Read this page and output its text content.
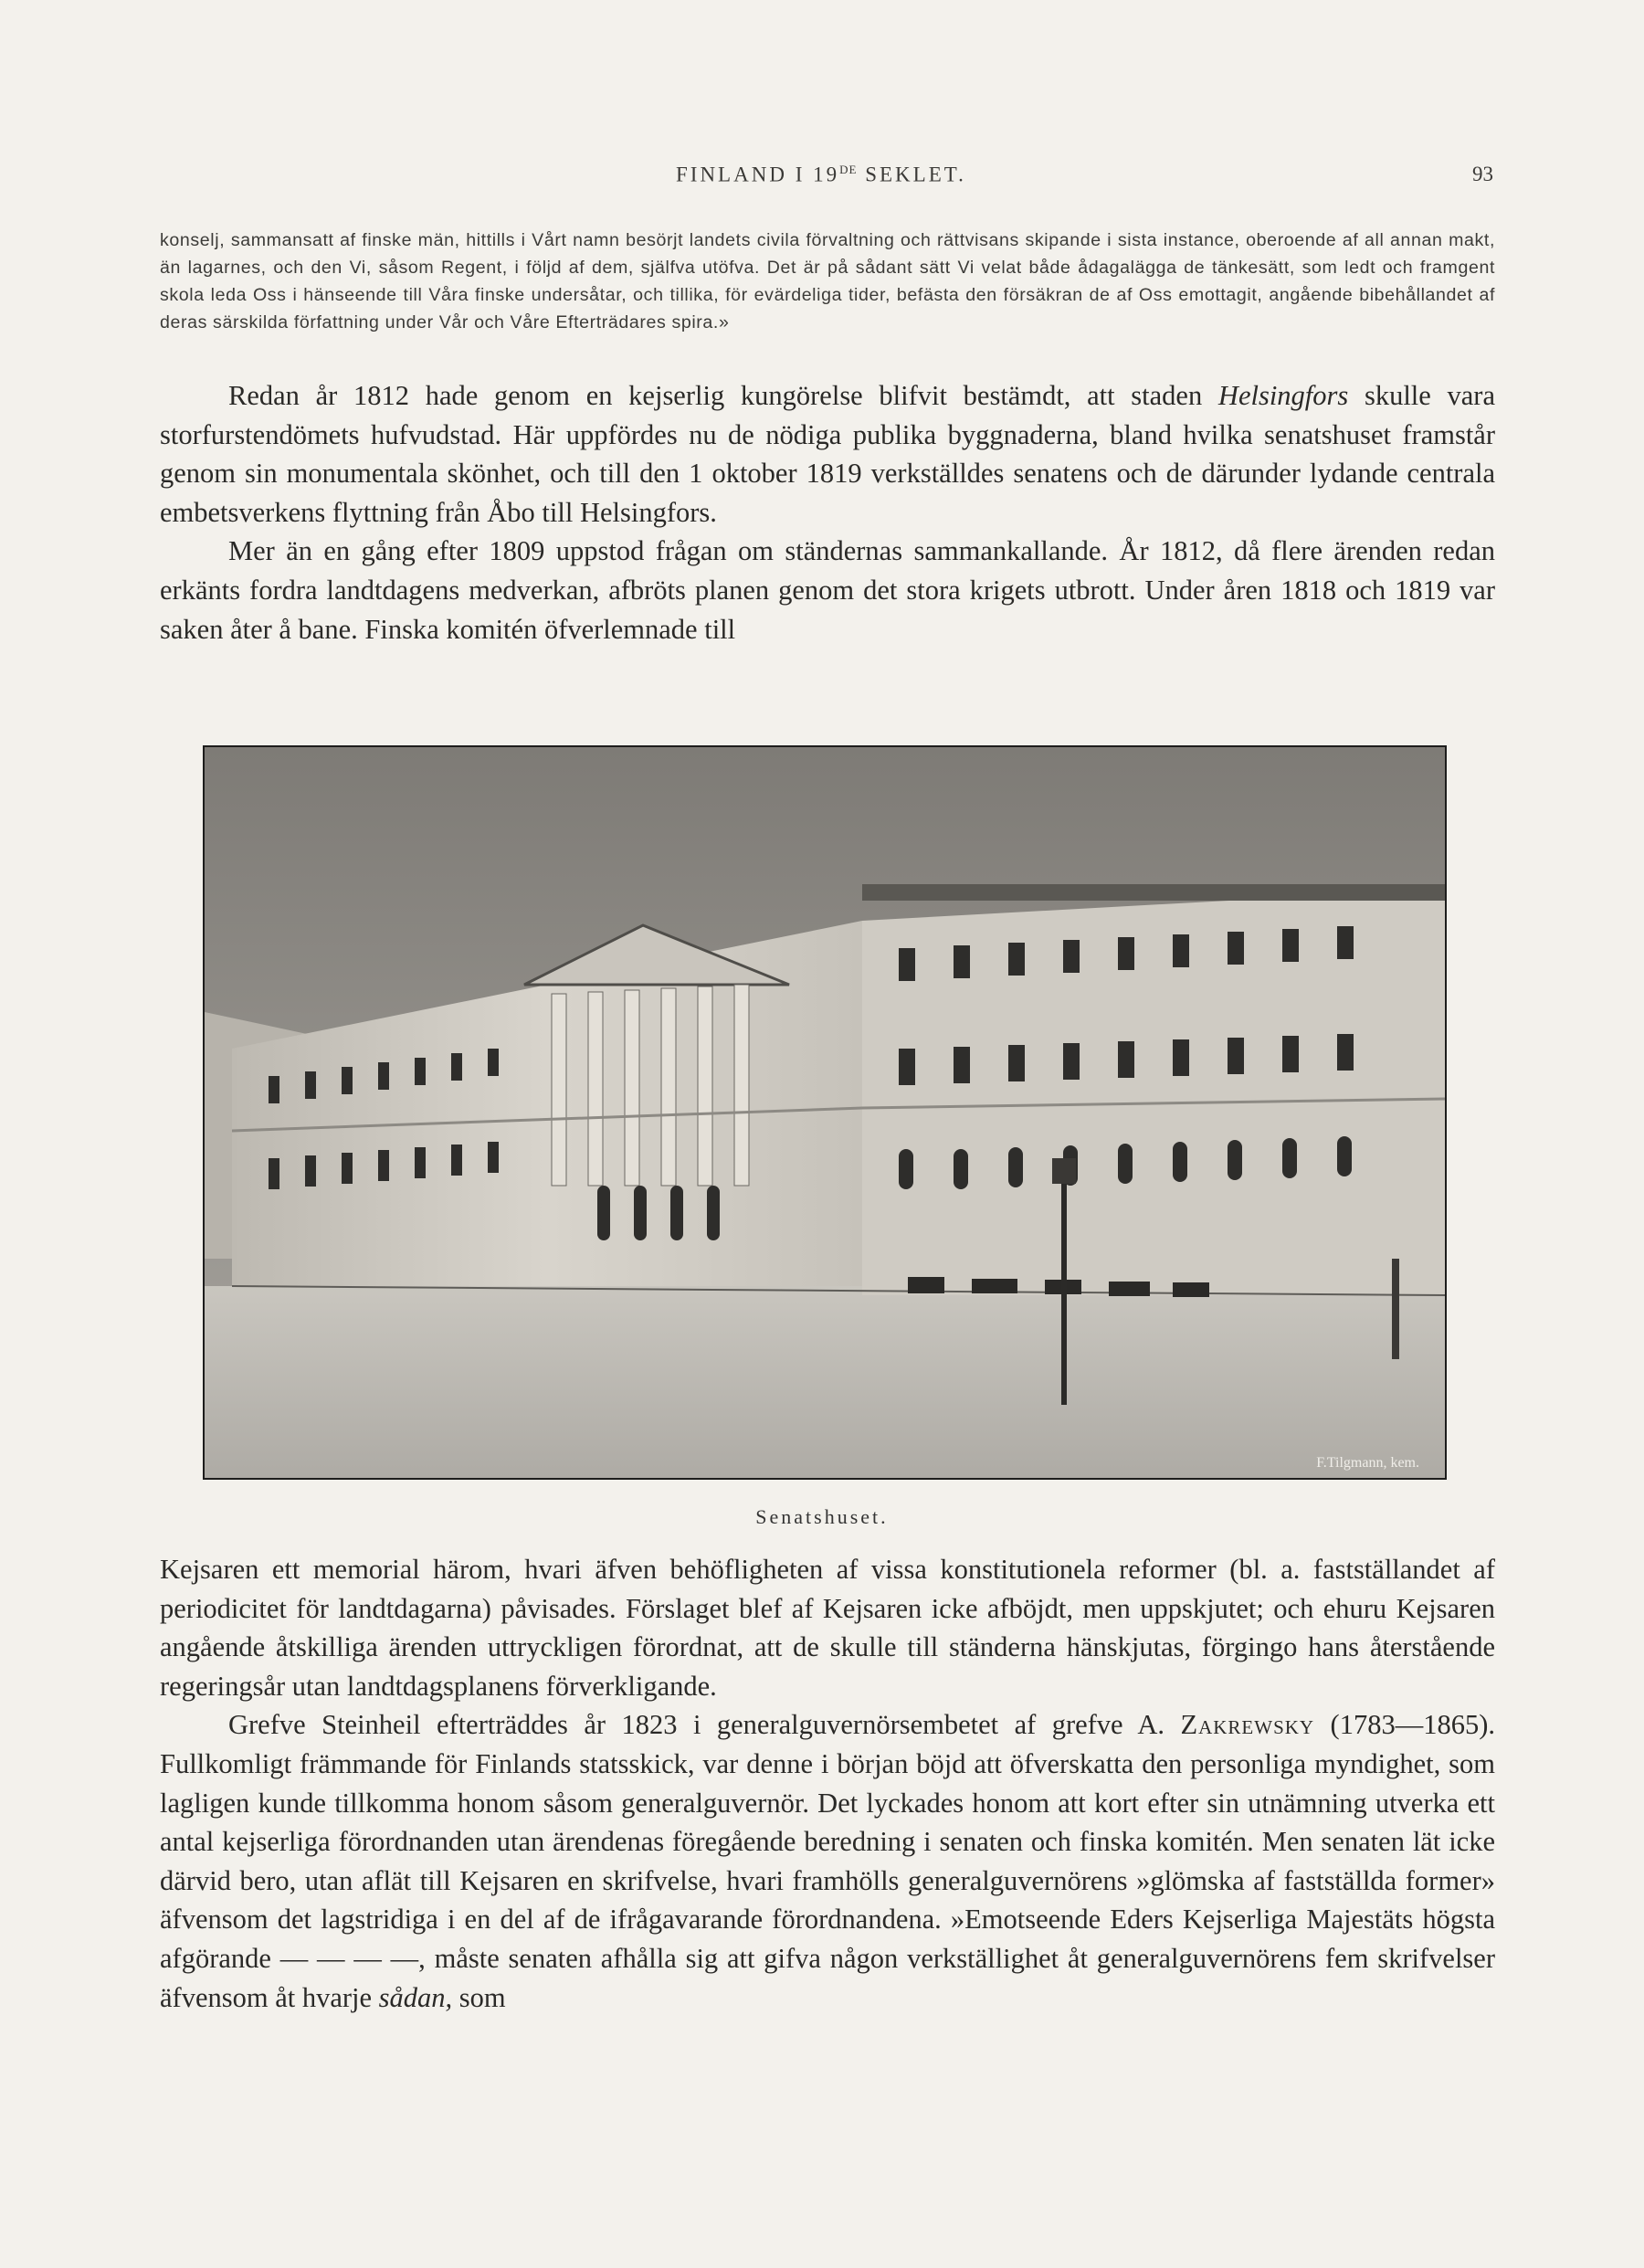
FINLAND I 19DE SEKLET.	93
konselj, sammansatt af finske män, hittills i Vårt namn besörjt landets civila förvaltning och rättvisans skipande i sista instance, oberoende af all annan makt, än lagarnes, och den Vi, såsom Regent, i följd af dem, själfva utöfva. Det är på sådant sätt Vi velat både ådagalägga de tänkesätt, som ledt och framgent skola leda Oss i hänseende till Våra finske undersåtar, och tillika, för evärdeliga tider, befästa den försäkran de af Oss emottagit, angående bibehållandet af deras särskilda författning under Vår och Våre Efterträdares spira.»

Redan år 1812 hade genom en kejserlig kungörelse blifvit bestämdt, att staden Helsingfors skulle vara storfurstendömets hufvudstad. Här uppfördes nu de nödiga publika byggnaderna, bland hvilka senatshuset framstår genom sin monumentala skönhet, och till den 1 oktober 1819 verkställdes senatens och de därunder lydande centrala embetsverkens flyttning från Åbo till Helsingfors.

Mer än en gång efter 1809 uppstod frågan om ständernas sammankallande. År 1812, då flere ärenden redan erkänts fordra landtdagens medverkan, afbröts planen genom det stora krigets utbrott. Under åren 1818 och 1819 var saken åter å bane. Finska komitén öfverlemnade till

F.Tilgmann, kem.
Senatshuset.

Kejsaren ett memorial härom, hvari äfven behöfligheten af vissa konstitutionela reformer (bl. a. fastställandet af periodicitet för landtdagarna) påvisades. Förslaget blef af Kejsaren icke afböjdt, men uppskjutet; och ehuru Kejsaren angående åtskilliga ärenden uttryckligen förordnat, att de skulle till ständerna hänskjutas, förgingo hans återstående regeringsår utan landtdagsplanens förverkligande.

Grefve Steinheil efterträddes år 1823 i generalguvernörsembetet af grefve A. Zakrewsky (1783—1865). Fullkomligt främmande för Finlands statsskick, var denne i början böjd att öfverskatta den personliga myndighet, som lagligen kunde tillkomma honom såsom generalguvernör. Det lyckades honom att kort efter sin utnämning utverka ett antal kejserliga förordnanden utan ärendenas föregående beredning i senaten och finska komitén. Men senaten lät icke därvid bero, utan aflät till Kejsaren en skrifvelse, hvari framhölls generalguvernörens »glömska af fastställda former» äfvensom det lagstridiga i en del af de ifrågavarande förordnandena. »Emotseende Eders Kejserliga Majestäts högsta afgörande — — — —, måste senaten afhålla sig att gifva någon verkställighet åt generalguvernörens fem skrifvelser äfvensom åt hvarje sådan, som
